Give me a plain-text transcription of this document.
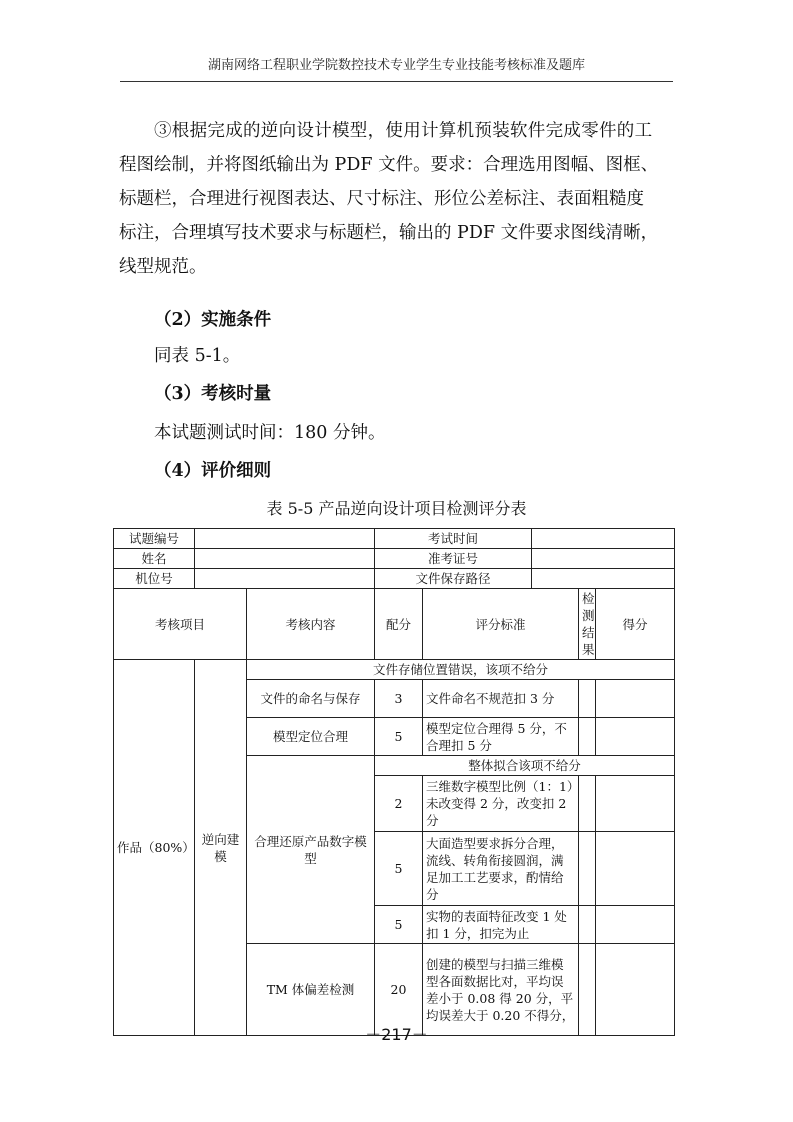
湖南网络工程职业学院数控技术专业学生专业技能考核标准及题库

③根据完成的逆向设计模型，使用计算机预装软件完成零件的工

程图绘制，并将图纸输出为 PDF 文件。要求：合理选用图幅、图框、

标题栏，合理进行视图表达、尺寸标注、形位公差标注、表面粗糙度

标注，合理填写技术要求与标题栏，输出的 PDF 文件要求图线清晰，

线型规范。

（2）实施条件

同表 5-1。

（3）考核时量

本试题测试时间：180 分钟。

（4）评价细则

表 5-5 产品逆向设计项目检测评分表
试题编号			考试时间				
姓名			准考证号				
机位号			文件保存路径				
考核项目		考核内容	配分	评分标准		检测结果	得分
作品（80%）	逆向建模	文件存储位置错误，该项不给分					
		文件的命名与保存	3	文件命名不规范扣 3 分			
		模型定位合理	5	模型定位合理得 5 分，不合理扣 5 分			
		合理还原产品数字模型	整体拟合该项不给分				
			2	三维数字模型比例（1：1）未改变得 2 分，改变扣 2 分			
			5	大面造型要求拆分合理，流线、转角衔接圆润，满足加工工艺要求，酌情给分			
			5	实物的表面特征改变 1 处扣 1 分，扣完为止			
		TM 体偏差检测	20	创建的模型与扫描三维模型各面数据比对，平均误差小于 0.08 得 20 分，平均误差大于 0.20 不得分，			
－217－
